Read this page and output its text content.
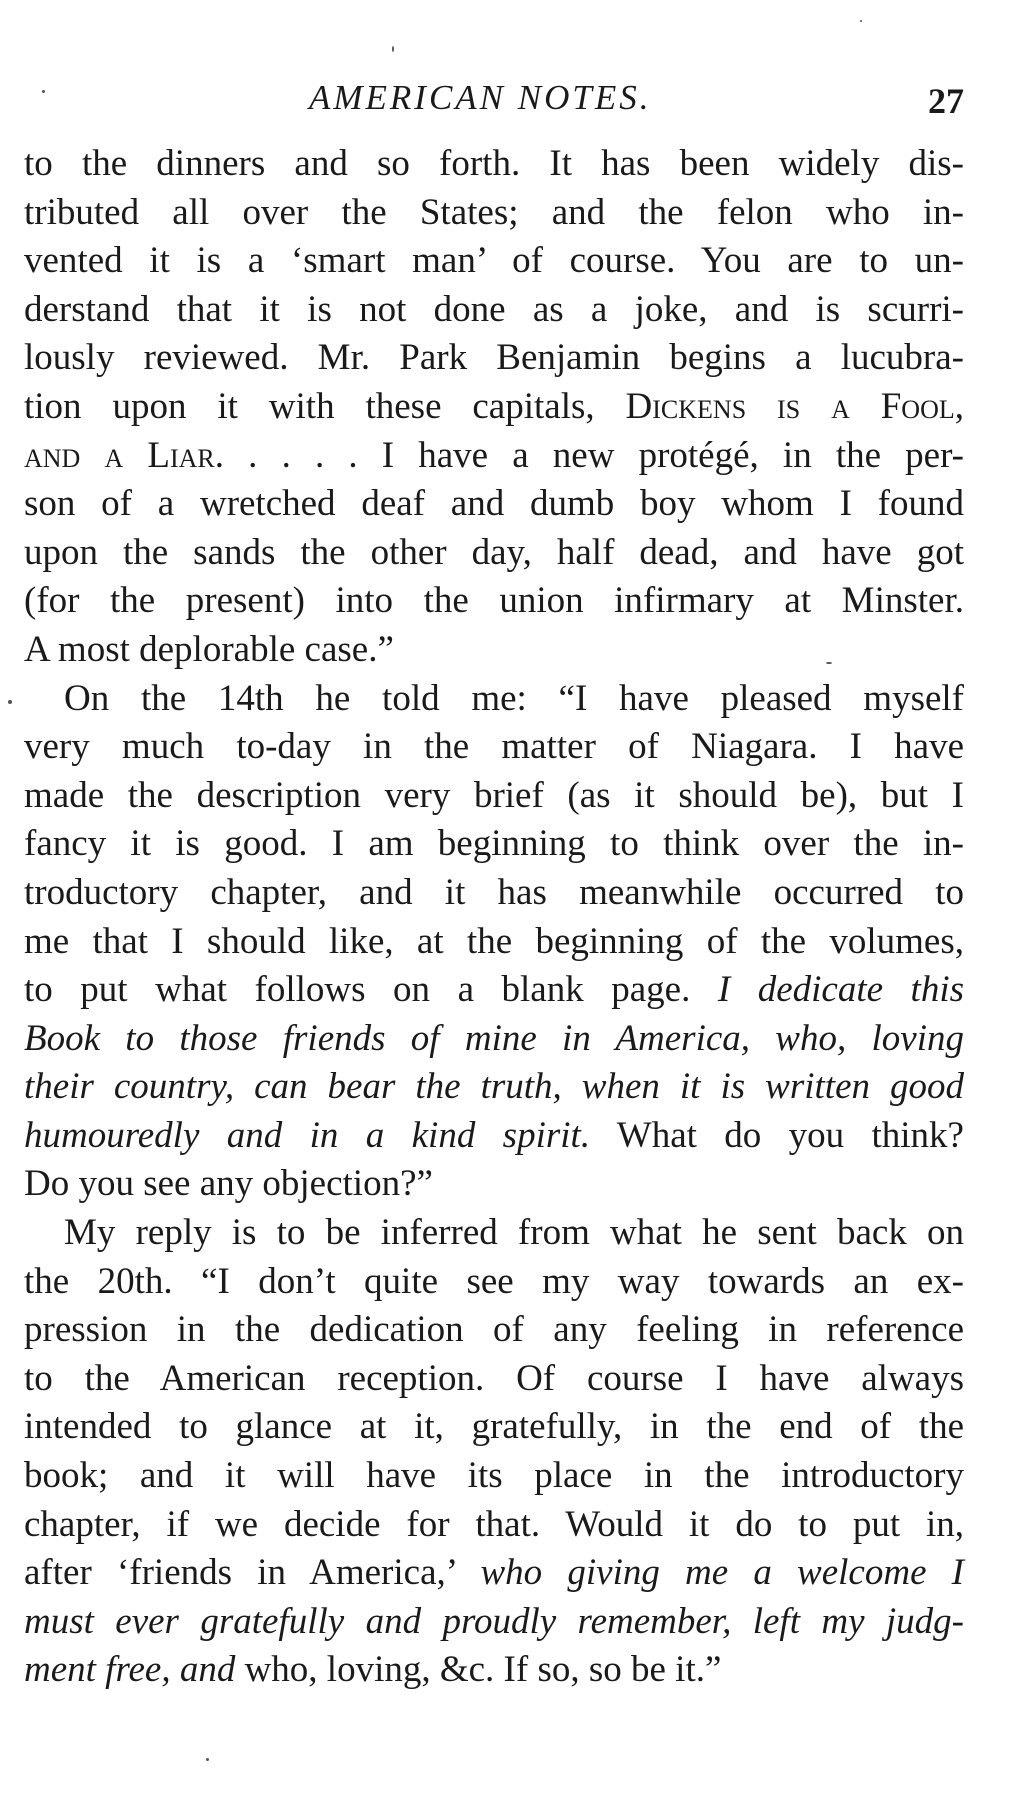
AMERICAN NOTES.	27

to the dinners and so forth. It has been widely dis-

tributed all over the States; and the felon who in-

vented it is a ‘smart man’ of course. You are to un-

derstand that it is not done as a joke, and is scurri-

lously reviewed. Mr. Park Benjamin begins a lucubra-

tion upon it with these capitals, Dickens is a Fool,

and a Liar. . . . . I have a new protégé, in the per-

son of a wretched deaf and dumb boy whom I found

upon the sands the other day, half dead, and have got

(for the present) into the union infirmary at Minster.

A most deplorable case.”

On the 14th he told me: “I have pleased myself

very much to-day in the matter of Niagara. I have

made the description very brief (as it should be), but I

fancy it is good. I am beginning to think over the in-

troductory chapter, and it has meanwhile occurred to

me that I should like, at the beginning of the volumes,

to put what follows on a blank page. I dedicate this

Book to those friends of mine in America, who, loving

their country, can bear the truth, when it is written good

humouredly and in a kind spirit. What do you think?

Do you see any objection?”

My reply is to be inferred from what he sent back on

the 20th. “I don’t quite see my way towards an ex-

pression in the dedication of any feeling in reference

to the American reception. Of course I have always

intended to glance at it, gratefully, in the end of the

book; and it will have its place in the introductory

chapter, if we decide for that. Would it do to put in,

after ‘friends in America,’ who giving me a welcome I

must ever gratefully and proudly remember, left my judg-

ment free, and who, loving, &c. If so, so be it.”
